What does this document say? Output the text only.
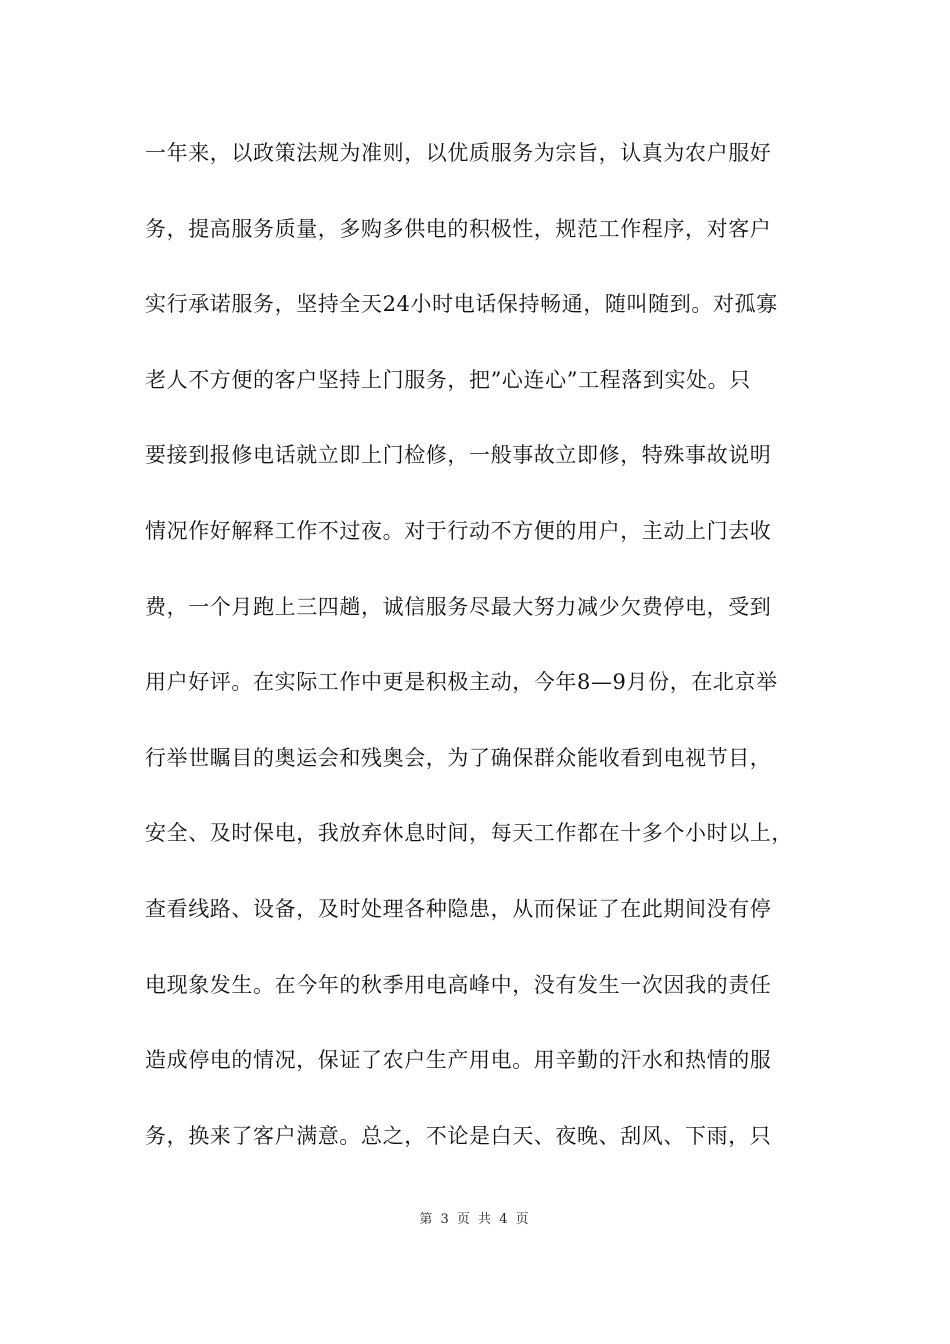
一年来，以政策法规为准则，以优质服务为宗旨，认真为农户服好
务，提高服务质量，多购多供电的积极性，规范工作程序，对客户
实行承诺服务，坚持全天24小时电话保持畅通，随叫随到。对孤寡
老人不方便的客户坚持上门服务，把”心连心”工程落到实处。只
要接到报修电话就立即上门检修，一般事故立即修，特殊事故说明
情况作好解释工作不过夜。对于行动不方便的用户，主动上门去收
费，一个月跑上三四趟，诚信服务尽最大努力减少欠费停电，受到
用户好评。在实际工作中更是积极主动，今年8—9月份，在北京举
行举世瞩目的奥运会和残奥会，为了确保群众能收看到电视节目，
安全、及时保电，我放弃休息时间，每天工作都在十多个小时以上，
查看线路、设备，及时处理各种隐患，从而保证了在此期间没有停
电现象发生。在今年的秋季用电高峰中，没有发生一次因我的责任
造成停电的情况，保证了农户生产用电。用辛勤的汗水和热情的服
务，换来了客户满意。总之，不论是白天、夜晚、刮风、下雨，只
第 3 页 共 4 页
